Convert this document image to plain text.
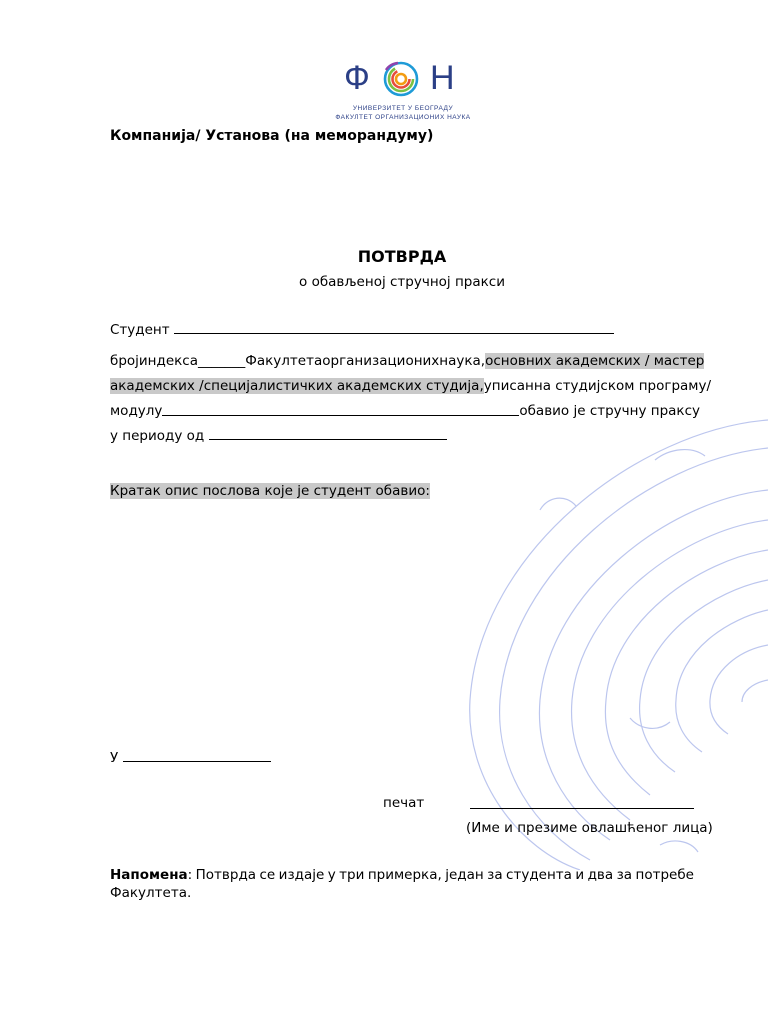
Ф Н
УНИВЕРЗИТЕТ У БЕОГРАДУ
ФАКУЛТЕТ ОРГАНИЗАЦИОНИХ НАУКА
Компанија/ Установа (на меморандуму)
ПОТВРДА
о обављеној стручној пракси
Студент
број индекса _______Факултета организационих наука, основних академских / мастер
академских /специјалистичких академских студија, уписан на студијском програму/
модулу	обавио је стручну праксу
у периоду од
Кратак опис послова које је студент обавио:
У
печат
(Име и презиме овлашћеног лица)
Напомена: Потврда се издаје у три примерка, један за студента и два за потребе
Факултета.
